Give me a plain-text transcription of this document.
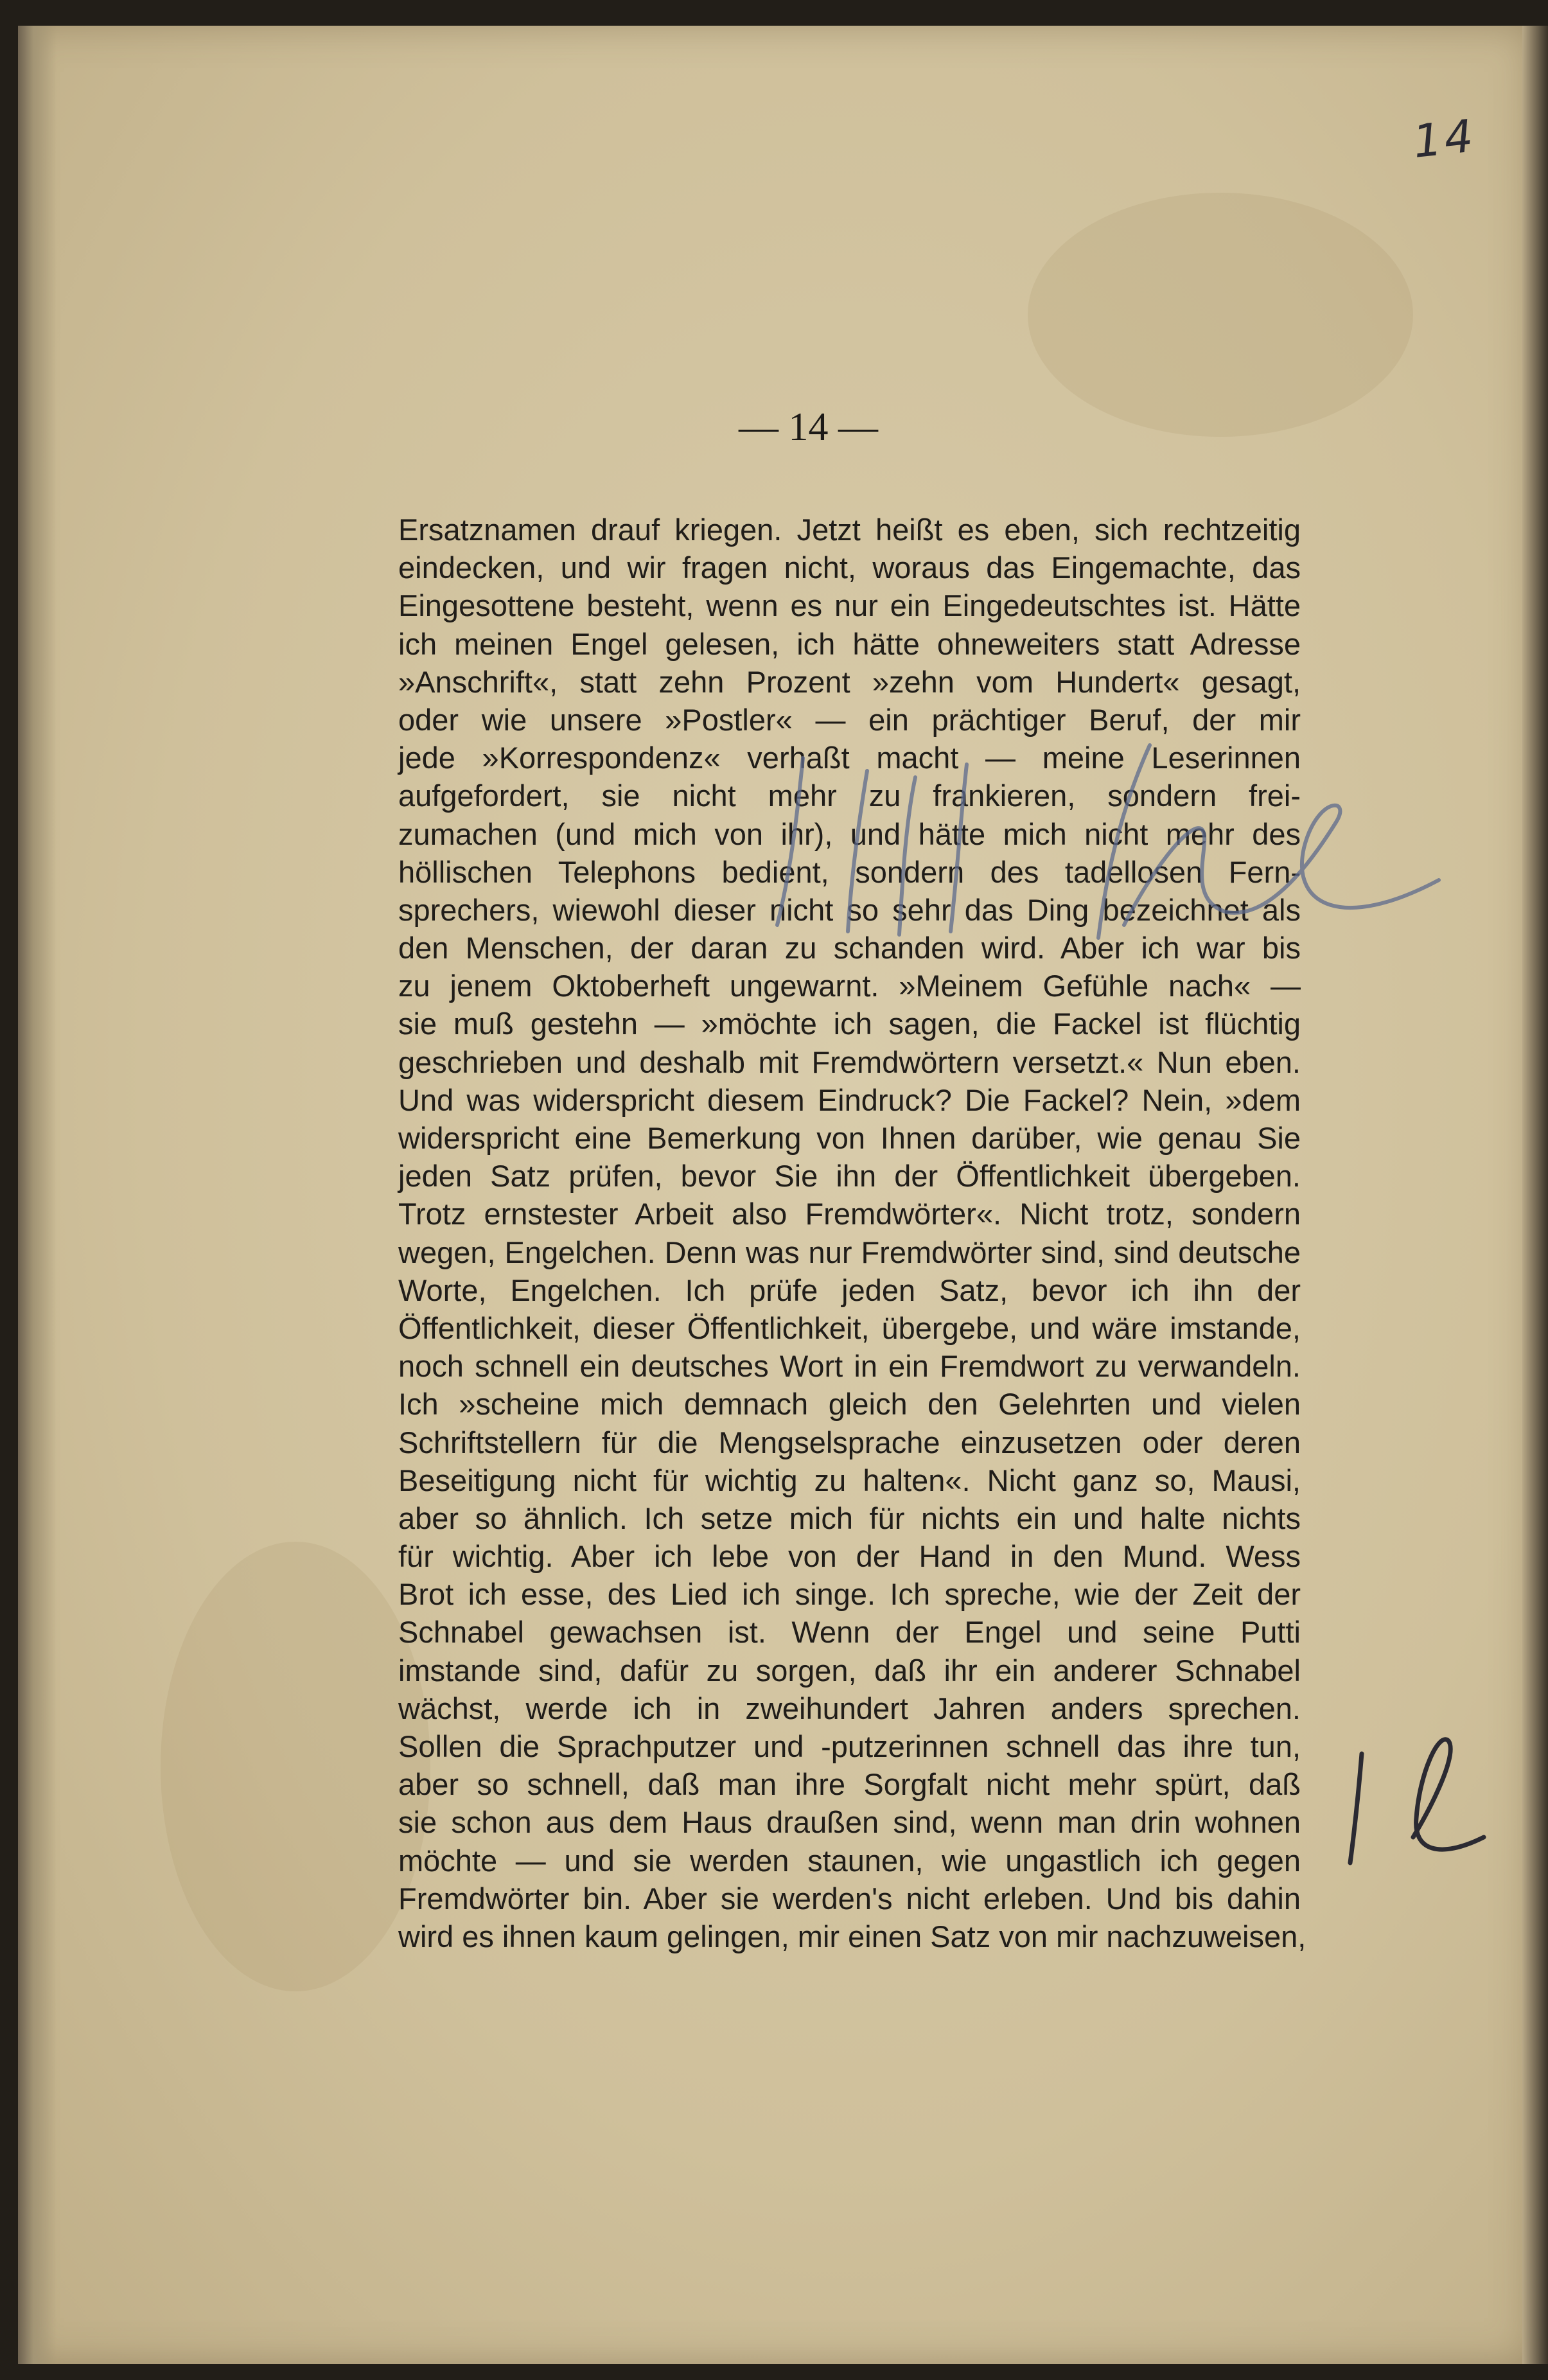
14
— 14 —
Ersatznamen drauf kriegen. Jetzt heißt es eben, sich rechtzeitig
eindecken, und wir fragen nicht, woraus das Eingemachte, das
Eingesottene besteht, wenn es nur ein Eingedeutschtes ist. Hätte
ich meinen Engel gelesen, ich hätte ohneweiters statt Adresse
»Anschrift«, statt zehn Prozent »zehn vom Hundert« gesagt,
oder wie unsere »Postler« — ein prächtiger Beruf, der mir
jede »Korrespondenz« verhaßt macht — meine Leserinnen
aufgefordert, sie nicht mehr zu frankieren, sondern frei-
zumachen (und mich von ihr), und hätte mich nicht mehr des
höllischen Telephons bedient, sondern des tadellosen Fern-
sprechers, wiewohl dieser nicht so sehr das Ding bezeichnet als
den Menschen, der daran zu schanden wird. Aber ich war bis
zu jenem Oktoberheft ungewarnt. »Meinem Gefühle nach« —
sie muß gestehn — »möchte ich sagen, die Fackel ist flüchtig
geschrieben und deshalb mit Fremdwörtern versetzt.« Nun eben.
Und was widerspricht diesem Eindruck? Die Fackel? Nein, »dem
widerspricht eine Bemerkung von Ihnen darüber, wie genau Sie
jeden Satz prüfen, bevor Sie ihn der Öffentlichkeit übergeben.
Trotz ernstester Arbeit also Fremdwörter«. Nicht trotz, sondern
wegen, Engelchen. Denn was nur Fremdwörter sind, sind deutsche
Worte, Engelchen. Ich prüfe jeden Satz, bevor ich ihn der
Öffentlichkeit, dieser Öffentlichkeit, übergebe, und wäre imstande,
noch schnell ein deutsches Wort in ein Fremdwort zu verwandeln.
Ich »scheine mich demnach gleich den Gelehrten und vielen
Schriftstellern für die Mengselsprache einzusetzen oder deren
Beseitigung nicht für wichtig zu halten«. Nicht ganz so, Mausi,
aber so ähnlich. Ich setze mich für nichts ein und halte nichts
für wichtig. Aber ich lebe von der Hand in den Mund. Wess
Brot ich esse, des Lied ich singe. Ich spreche, wie der Zeit der
Schnabel gewachsen ist. Wenn der Engel und seine Putti
imstande sind, dafür zu sorgen, daß ihr ein anderer Schnabel
wächst, werde ich in zweihundert Jahren anders sprechen.
Sollen die Sprachputzer und -putzerinnen schnell das ihre tun,
aber so schnell, daß man ihre Sorgfalt nicht mehr spürt, daß
sie schon aus dem Haus draußen sind, wenn man drin wohnen
möchte — und sie werden staunen, wie ungastlich ich gegen
Fremdwörter bin. Aber sie werden's nicht erleben. Und bis dahin
wird es ihnen kaum gelingen, mir einen Satz von mir nachzuweisen,
